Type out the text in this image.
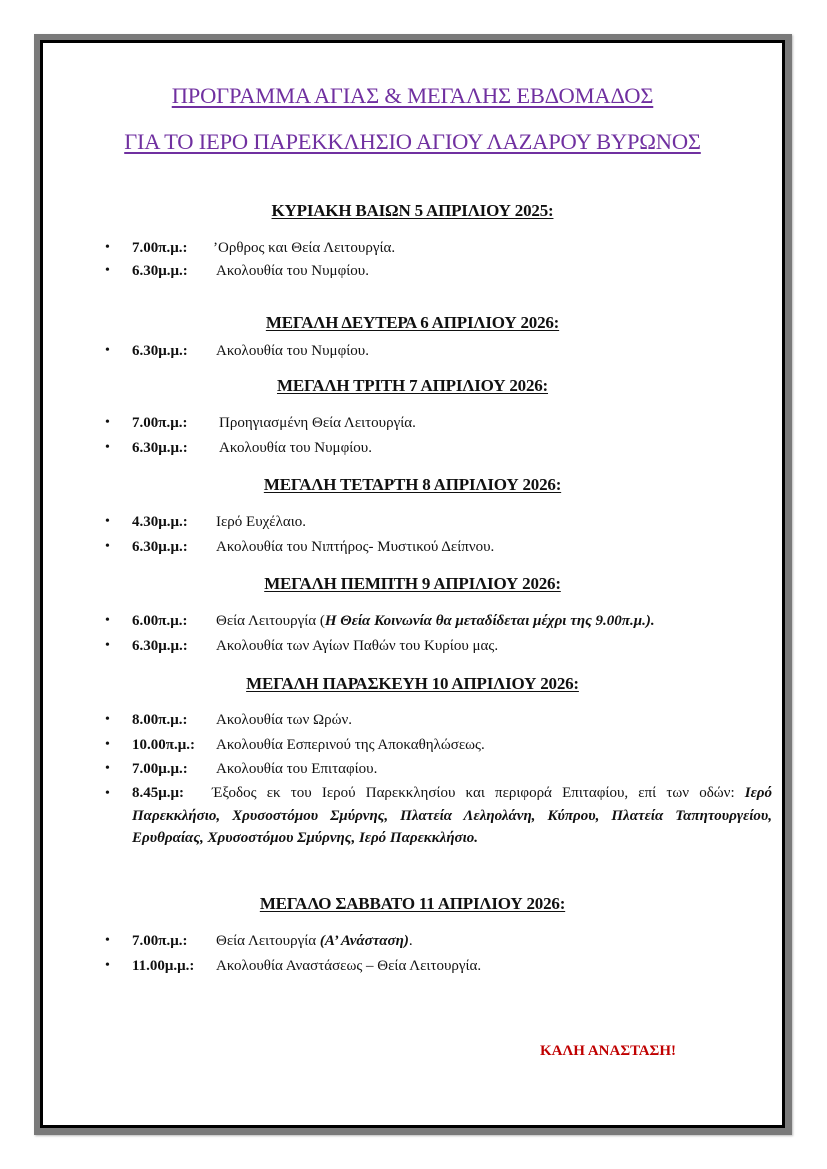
ΠΡΟΓΡΑΜΜΑ ΑΓΙΑΣ & ΜΕΓΑΛΗΣ ΕΒΔΟΜΑΔΟΣ
ΓΙΑ ΤΟ ΙΕΡΟ ΠΑΡΕΚΚΛΗΣΙΟ ΑΓΙΟΥ ΛΑΖΑΡΟΥ ΒΥΡΩΝΟΣ
ΚΥΡΙΑΚΗ ΒΑΙΩΝ 5 ΑΠΡΙΛΙΟΥ 2025:
• 7.00π.μ.: ’Ορθρος και Θεία Λειτουργία.
• 6.30μ.μ.: Ακολουθία του Νυμφίου.
ΜΕΓΑΛΗ ΔΕΥΤΕΡΑ 6 ΑΠΡΙΛΙΟΥ 2026:
• 6.30μ.μ.: Ακολουθία του Νυμφίου.
ΜΕΓΑΛΗ ΤΡΙΤΗ 7 ΑΠΡΙΛΙΟΥ 2026:
• 7.00π.μ.: Προηγιασμένη Θεία Λειτουργία.
• 6.30μ.μ.: Ακολουθία του Νυμφίου.
ΜΕΓΑΛΗ ΤΕΤΑΡΤΗ 8 ΑΠΡΙΛΙΟΥ 2026:
• 4.30μ.μ.: Ιερό Ευχέλαιο.
• 6.30μ.μ.: Ακολουθία του Νιπτήρος- Μυστικού Δείπνου.
ΜΕΓΑΛΗ ΠΕΜΠΤΗ 9 ΑΠΡΙΛΙΟΥ 2026:
• 6.00π.μ.: Θεία Λειτουργία (Η Θεία Κοινωνία θα μεταδίδεται μέχρι της 9.00π.μ.).
• 6.30μ.μ.: Ακολουθία των Αγίων Παθών του Κυρίου μας.
ΜΕΓΑΛΗ ΠΑΡΑΣΚΕΥΗ 10 ΑΠΡΙΛΙΟΥ 2026:
• 8.00π.μ.: Ακολουθία των Ωρών.
• 10.00π.μ.: Ακολουθία Εσπερινού της Αποκαθηλώσεως.
• 7.00μ.μ.: Ακολουθία του Επιταφίου.
• 8.45μ.μ: Έξοδος εκ του Ιερού Παρεκκλησίου και περιφορά Επιταφίου, επί των οδών: Ιερό Παρεκκλήσιο, Χρυσοστόμου Σμύρνης, Πλατεία Λεληολάνη, Κύπρου, Πλατεία Ταπητουργείου, Ερυθραίας, Χρυσοστόμου Σμύρνης, Ιερό Παρεκκλήσιο.
ΜΕΓΑΛΟ ΣΑΒΒΑΤΟ 11 ΑΠΡΙΛΙΟΥ 2026:
• 7.00π.μ.: Θεία Λειτουργία (Α’ Ανάσταση).
• 11.00μ.μ.: Ακολουθία Αναστάσεως – Θεία Λειτουργία.
ΚΑΛΗ ΑΝΑΣΤΑΣΗ!
